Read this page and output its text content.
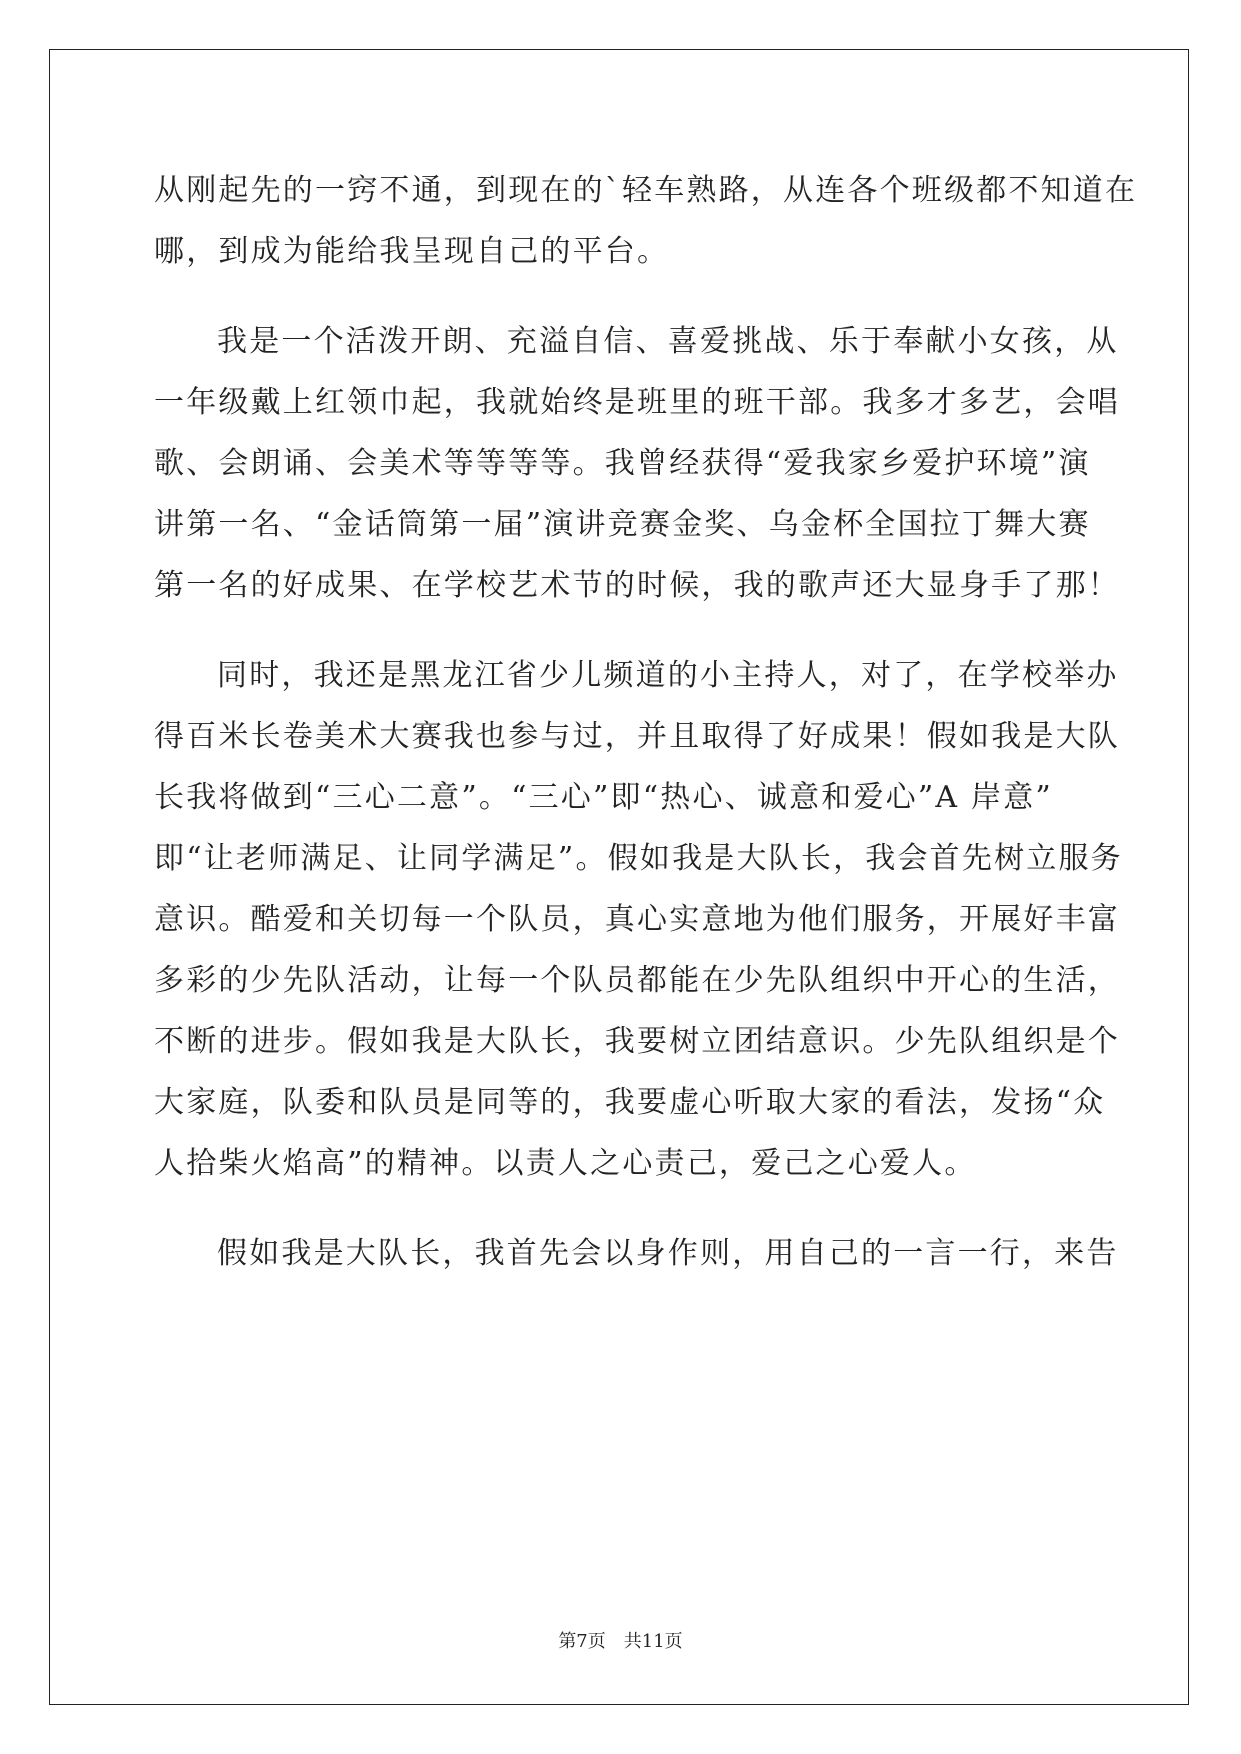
从刚起先的一窍不通，到现在的`轻车熟路，从连各个班级都不知道在
哪，到成为能给我呈现自己的平台。
我是一个活泼开朗、充溢自信、喜爱挑战、乐于奉献小女孩，从
一年级戴上红领巾起，我就始终是班里的班干部。我多才多艺，会唱
歌、会朗诵、会美术等等等等。我曾经获得“爱我家乡爱护环境”演
讲第一名、“金话筒第一届”演讲竞赛金奖、乌金杯全国拉丁舞大赛
第一名的好成果、在学校艺术节的时候，我的歌声还大显身手了那！
同时，我还是黑龙江省少儿频道的小主持人，对了，在学校举办
得百米长卷美术大赛我也参与过，并且取得了好成果！假如我是大队
长我将做到“三心二意”。“三心”即“热心、诚意和爱心”A 岸意”
即“让老师满足、让同学满足”。假如我是大队长，我会首先树立服务
意识。酷爱和关切每一个队员，真心实意地为他们服务，开展好丰富
多彩的少先队活动，让每一个队员都能在少先队组织中开心的生活，
不断的进步。假如我是大队长，我要树立团结意识。少先队组织是个
大家庭，队委和队员是同等的，我要虚心听取大家的看法，发扬“众
人拾柴火焰高”的精神。以责人之心责己，爱己之心爱人。
假如我是大队长，我首先会以身作则，用自己的一言一行，来告
第7页　共11页
